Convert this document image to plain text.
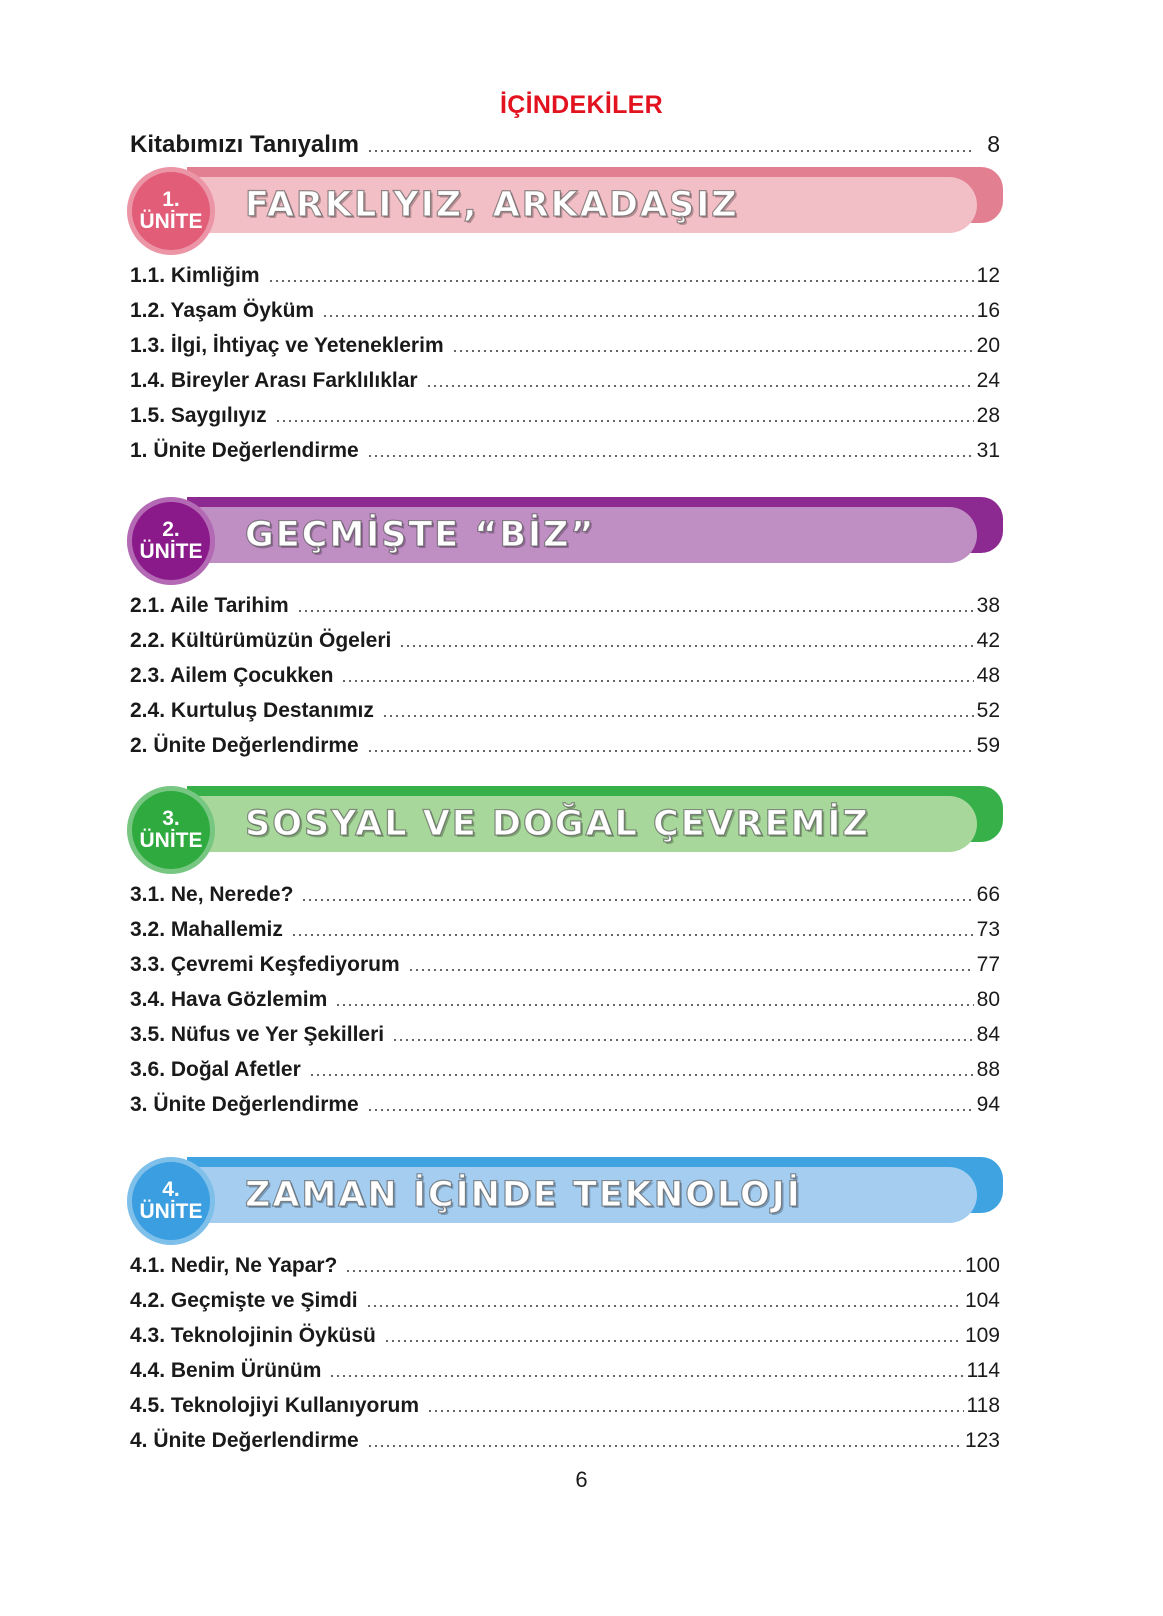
İÇİNDEKİLER
Kitabımızı Tanıyalım	8
1.
ÜNİTE FARKLIYIZ, ARKADAŞIZ
1.1. Kimliğim	12
1.2. Yaşam Öyküm	16
1.3. İlgi, İhtiyaç ve Yeteneklerim	20
1.4. Bireyler Arası Farklılıklar	24
1.5. Saygılıyız	28
1. Ünite Değerlendirme	31
2.
ÜNİTE GEÇMİŞTE “BİZ”
2.1. Aile Tarihim	38
2.2. Kültürümüzün Ögeleri	42
2.3. Ailem Çocukken	48
2.4. Kurtuluş Destanımız	52
2. Ünite Değerlendirme	59
3.
ÜNİTE SOSYAL VE DOĞAL ÇEVREMİZ
3.1. Ne, Nerede?	66
3.2. Mahallemiz	73
3.3. Çevremi Keşfediyorum	77
3.4. Hava Gözlemim	80
3.5. Nüfus ve Yer Şekilleri	84
3.6. Doğal Afetler	88
3. Ünite Değerlendirme	94
4.
ÜNİTE ZAMAN İÇİNDE TEKNOLOJİ
4.1. Nedir, Ne Yapar?	100
4.2. Geçmişte ve Şimdi	104
4.3. Teknolojinin Öyküsü	109
4.4. Benim Ürünüm	114
4.5. Teknolojiyi Kullanıyorum	118
4. Ünite Değerlendirme	123
6
